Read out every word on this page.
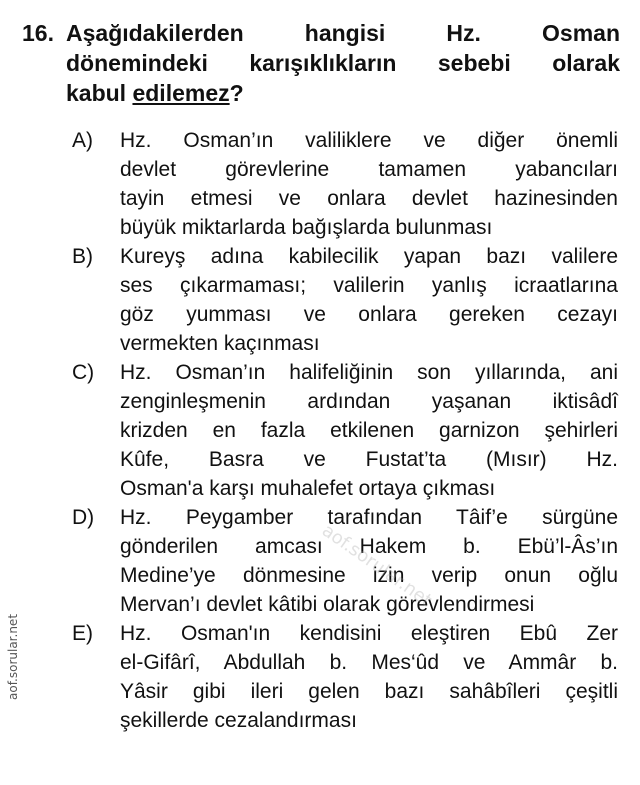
16. Aşağıdakilerden hangisi Hz. Osman
dönemindeki karışıklıkların sebebi olarak
kabul edilemez?
A)	Hz. Osman’ın valiliklere ve diğer önemli
devlet görevlerine tamamen yabancıları
tayin etmesi ve onlara devlet hazinesinden
büyük miktarlarda bağışlarda bulunması
B)	Kureyş adına kabilecilik yapan bazı valilere
ses çıkarmaması; valilerin yanlış icraatlarına
göz yumması ve onlara gereken cezayı
vermekten kaçınması
C)	Hz. Osman’ın halifeliğinin son yıllarında, ani
zenginleşmenin ardından yaşanan iktisâdî
krizden en fazla etkilenen garnizon şehirleri
Kûfe, Basra ve Fustat’ta (Mısır) Hz.
Osman'a karşı muhalefet ortaya çıkması
D)	Hz. Peygamber tarafından Tâif’e sürgüne
gönderilen amcası Hakem b. Ebü’l-Âs’ın
Medine’ye dönmesine izin verip onun oğlu
Mervan’ı devlet kâtibi olarak görevlendirmesi
E)	Hz. Osman'ın kendisini eleştiren Ebû Zer
el-Gifârî, Abdullah b. Mes‘ûd ve Ammâr b.
Yâsir gibi ileri gelen bazı sahâbîleri çeşitli
şekillerde cezalandırması
aof.sorular.net
aof.sorular.net
